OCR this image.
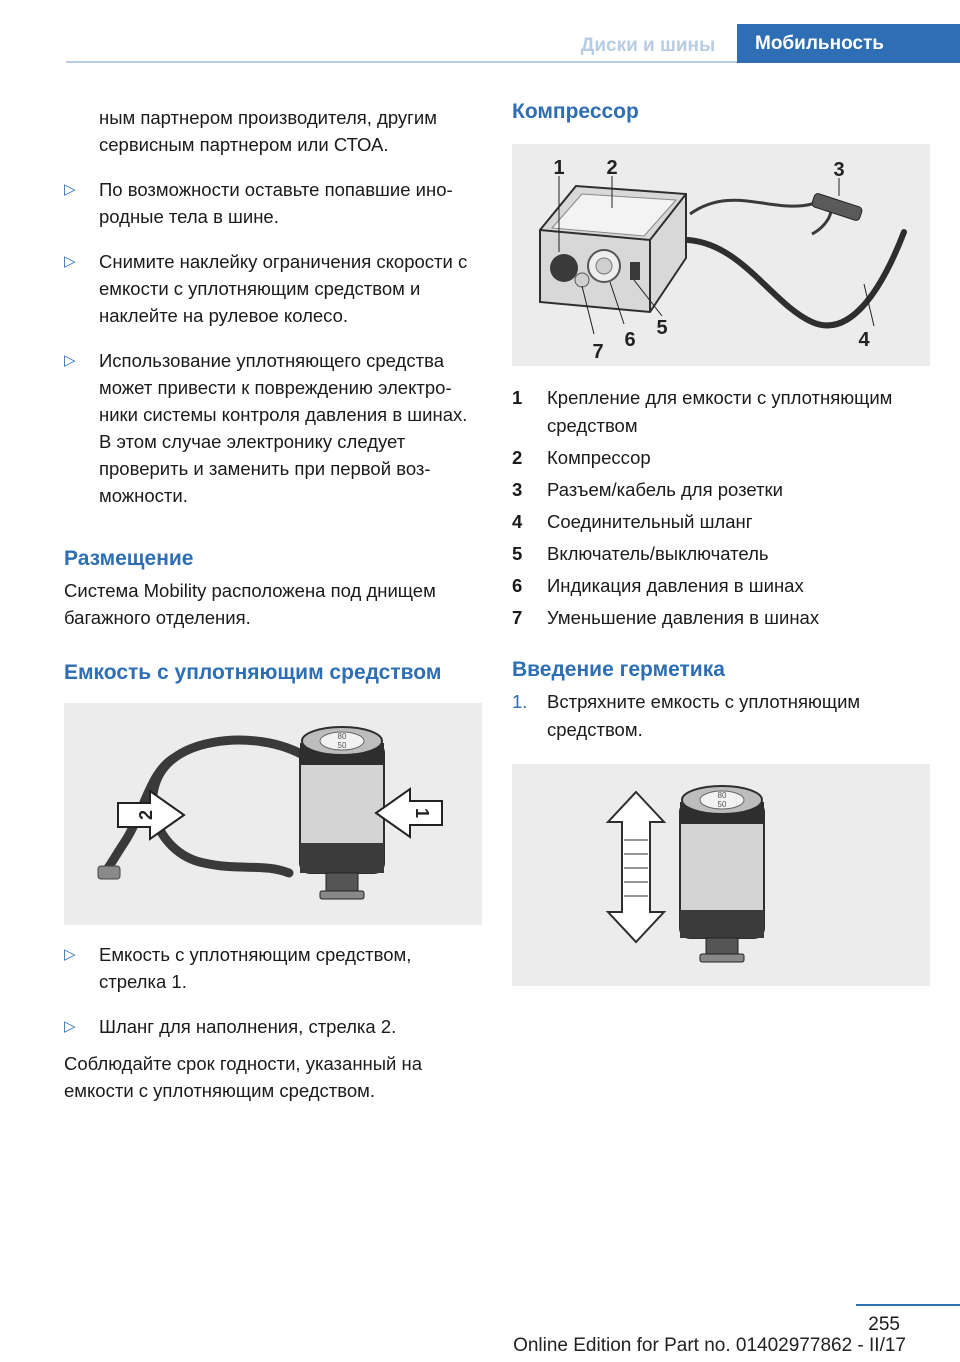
Диски и шины	Мобильность

ным партнером производителя, другим сервисным партнером или СТОА.

▷	По возможности оставьте попавшие инородные тела в шине.
▷	Снимите наклейку ограничения скорости с емкости с уплотняющим средством и наклейте на рулевое колесо.
▷	Использование уплотняющего средства может привести к повреждению электроники системы контроля давления в шинах. В этом случае электронику следует проверить и заменить при первой возможности.
Размещение

Система Mobility расположена под днищем багажного отделения.

Емкость с уплотняющим средством
80
50
1
2
▷	Емкость с уплотняющим средством, стрелка 1.
▷	Шланг для наполнения, стрелка 2.

Соблюдайте срок годности, указанный на емкости с уплотняющим средством.

Компрессор
1 2	3
4
5
6
7
1	Крепление для емкости с уплотняющим средством
2	Компрессор
3	Разъем/кабель для розетки
4	Соединительный шланг
5	Включатель/выключатель
6	Индикация давления в шинах
7	Уменьшение давления в шинах
Введение герметика
1.	Встряхните емкость с уплотняющим средством.
80
50
255
Online Edition for Part no. 01402977862 - II/17
